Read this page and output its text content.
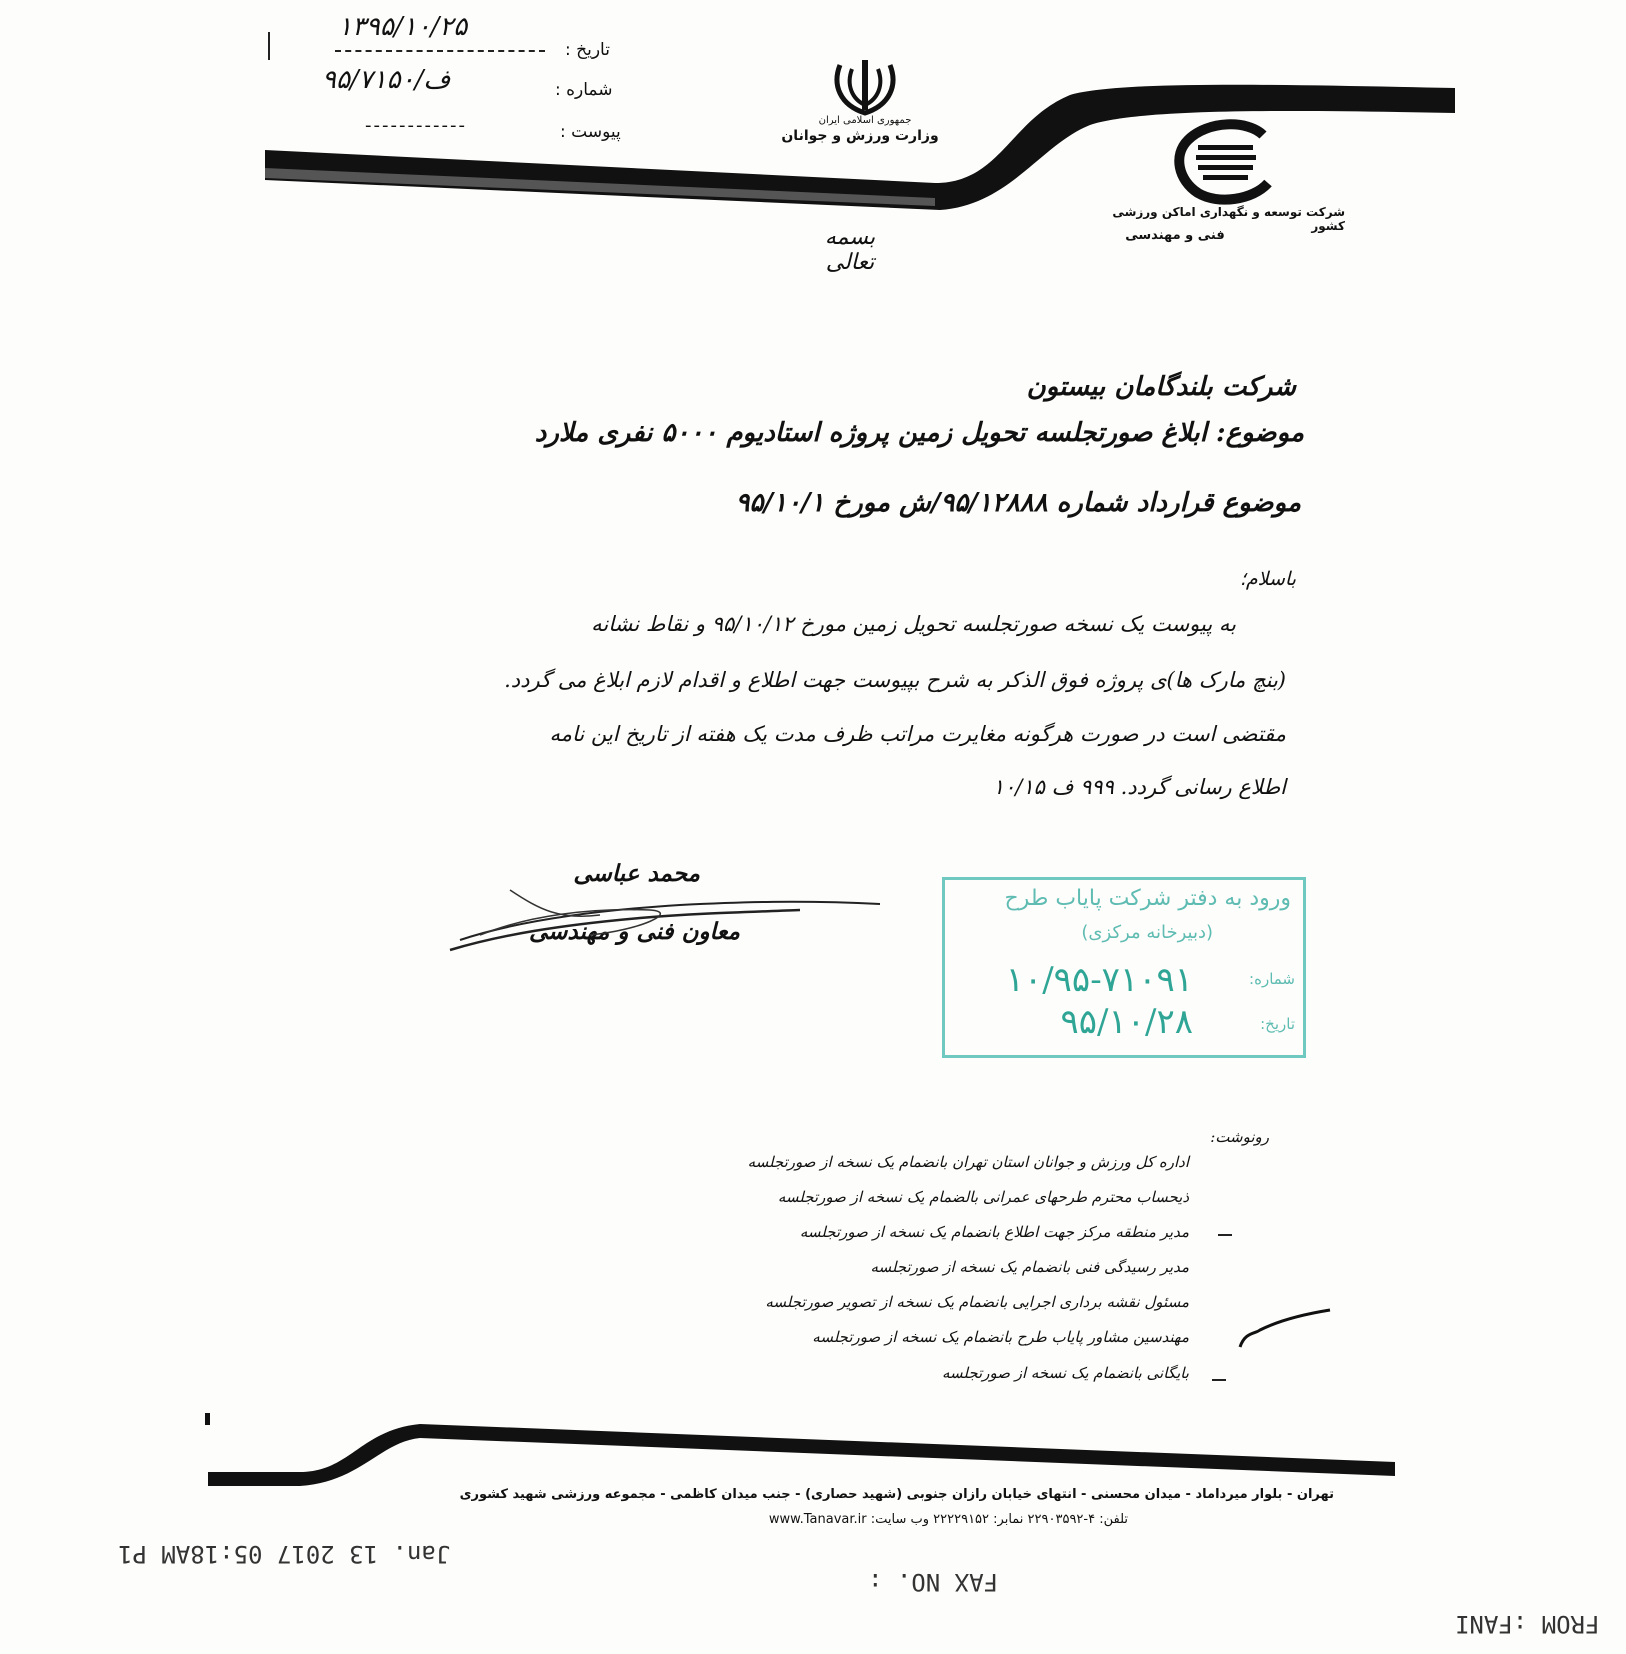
جمهوری اسلامی ایران
وزارت ورزش و جوانان
شرکت توسعه و نگهداری اماکن ورزشی کشور
فنی و مهندسی
تاریخ :
۱۳۹۵/۱۰/۲۵
شماره :
ف/۹۵/۷۱۵۰
پیوست :
------------
بسمه تعالی
شرکت بلندگامان بیستون
موضوع: ابلاغ صورتجلسه تحویل زمین پروژه استادیوم ۵۰۰۰ نفری ملارد
موضوع قرارداد شماره ۹۵/۱۲۸۸۸/ش مورخ ۹۵/۱۰/۱
باسلام؛
به پیوست یک نسخه صورتجلسه تحویل زمین مورخ ۹۵/۱۰/۱۲ و نقاط نشانه
(بنچ مارک ها)ی پروژه فوق الذکر به شرح بپیوست جهت اطلاع و اقدام لازم ابلاغ می گردد.
مقتضی است در صورت هرگونه مغایرت مراتب ظرف مدت یک هفته از تاریخ این نامه
اطلاع رسانی گردد. ۹۹۹ ف ۱۰/۱۵
محمد عباسی
معاون فنی و مهندسی
ورود به دفتر شرکت پایاب طرح
(دبیرخانه مرکزی)
شماره:
۱۰/۹۵-۷۱۰۹۱
تاریخ:
۹۵/۱۰/۲۸
رونوشت:
اداره کل ورزش و جوانان استان تهران بانضمام یک نسخه از صورتجلسه
ذیحساب محترم طرحهای عمرانی بالضمام یک نسخه از صورتجلسه
مدیر منطقه مرکز جهت اطلاع بانضمام یک نسخه از صورتجلسه
مدیر رسیدگی فنی بانضمام یک نسخه از صورتجلسه
مسئول نقشه برداری اجرایی بانضمام یک نسخه از تصویر صورتجلسه
مهندسین مشاور پایاب طرح بانضمام یک نسخه از صورتجلسه
بایگانی بانضمام یک نسخه از صورتجلسه
تهران - بلوار میرداماد - میدان محسنی - انتهای خیابان رازان جنوبی (شهید حصاری) - جنب میدان کاظمی - مجموعه ورزشی شهید کشوری
تلفن: ۴-۲۲۹۰۳۵۹۲ نمابر: ۲۲۲۲۹۱۵۲ وب سایت: www.Tanavar.ir
Jan. 13 2017 05:18AM P1
FAX NO. :
FROM :FANI
